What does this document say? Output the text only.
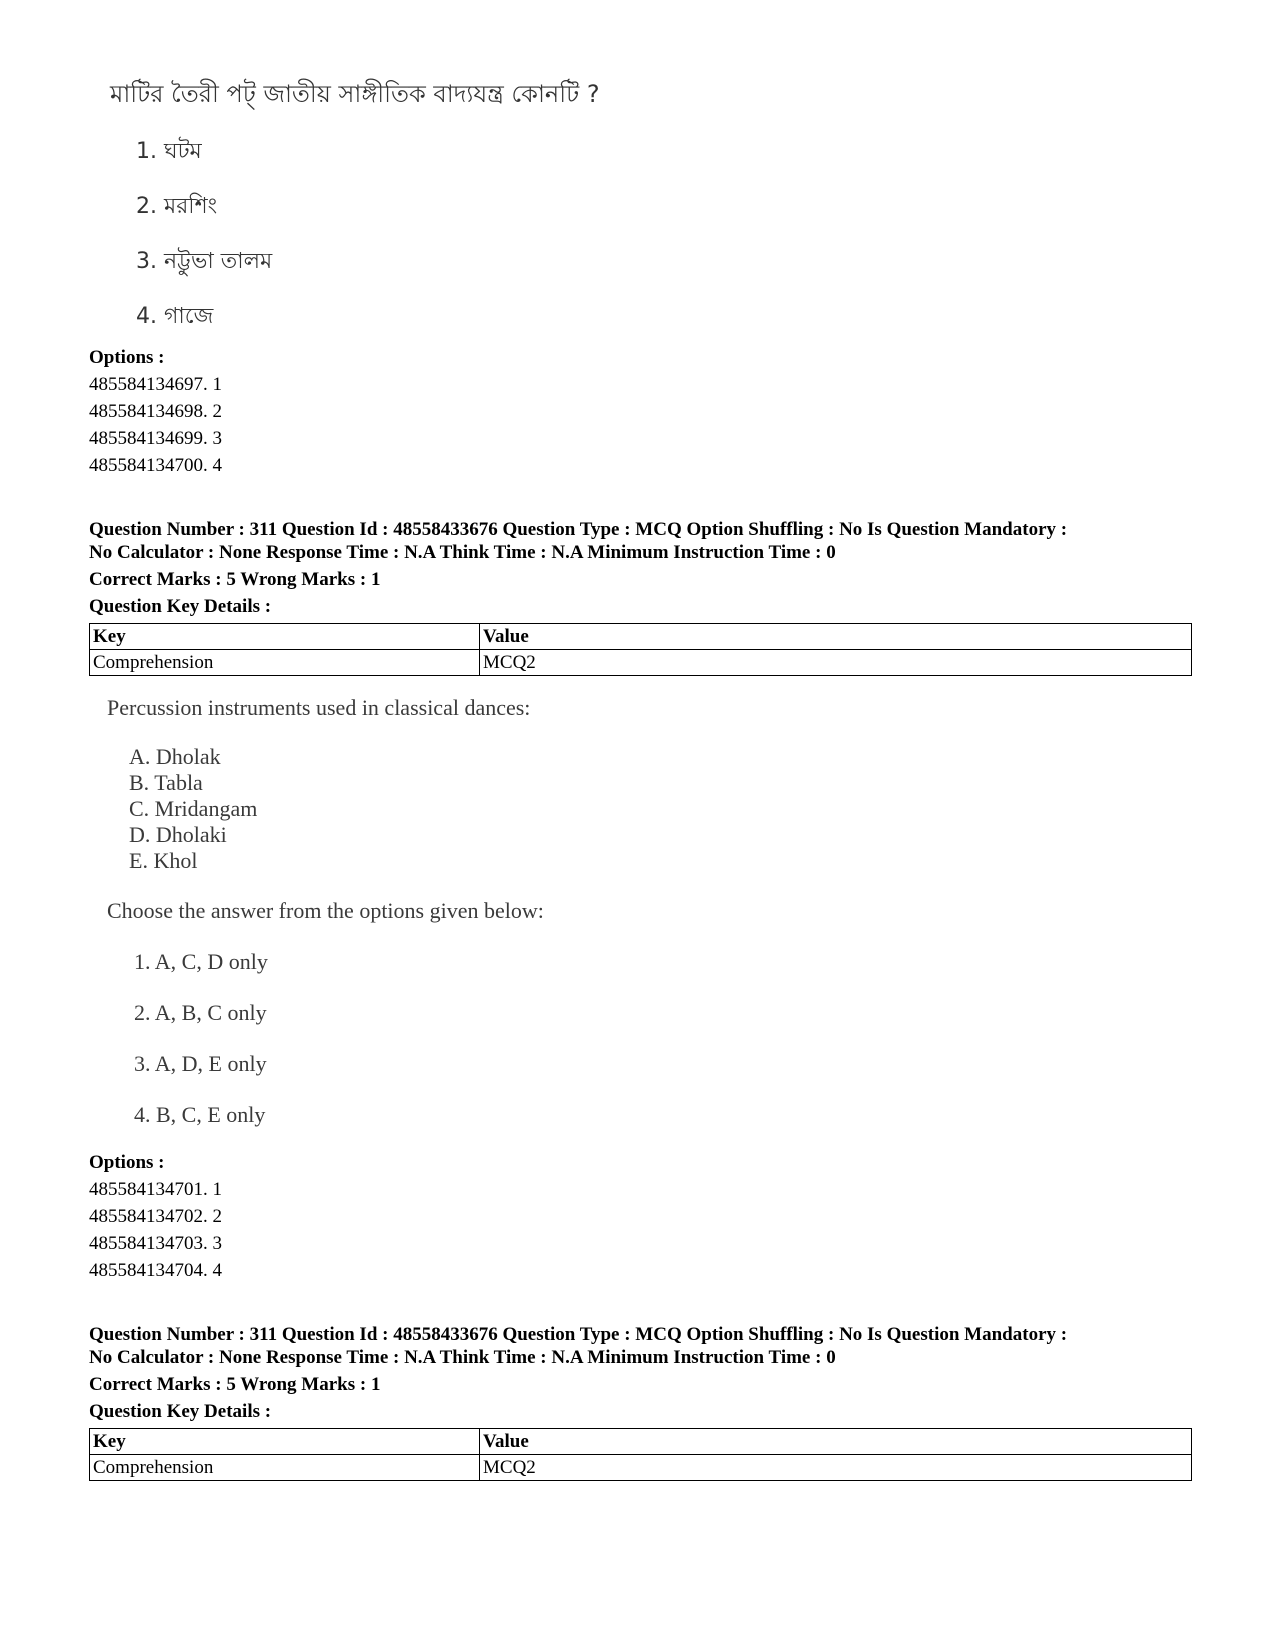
মাটির তৈরী পট্ জাতীয় সাঙ্গীতিক বাদ্যযন্ত্র কোনটি ?
1. ঘটম
2. মরশিং
3. নট্টুভা তালম
4. গাজে
Options :
485584134697. 1
485584134698. 2
485584134699. 3
485584134700. 4
Question Number : 311 Question Id : 48558433676 Question Type : MCQ Option Shuffling : No Is Question Mandatory :
No Calculator : None Response Time : N.A Think Time : N.A Minimum Instruction Time : 0
Correct Marks : 5 Wrong Marks : 1
Question Key Details :
Key	Value
Comprehension	MCQ2
Percussion instruments used in classical dances:
A. Dholak
B. Tabla
C. Mridangam
D. Dholaki
E. Khol
Choose the answer from the options given below:
1. A, C, D only
2. A, B, C only
3. A, D, E only
4. B, C, E only
Options :
485584134701. 1
485584134702. 2
485584134703. 3
485584134704. 4
Question Number : 311 Question Id : 48558433676 Question Type : MCQ Option Shuffling : No Is Question Mandatory :
No Calculator : None Response Time : N.A Think Time : N.A Minimum Instruction Time : 0
Correct Marks : 5 Wrong Marks : 1
Question Key Details :
Key	Value
Comprehension	MCQ2
